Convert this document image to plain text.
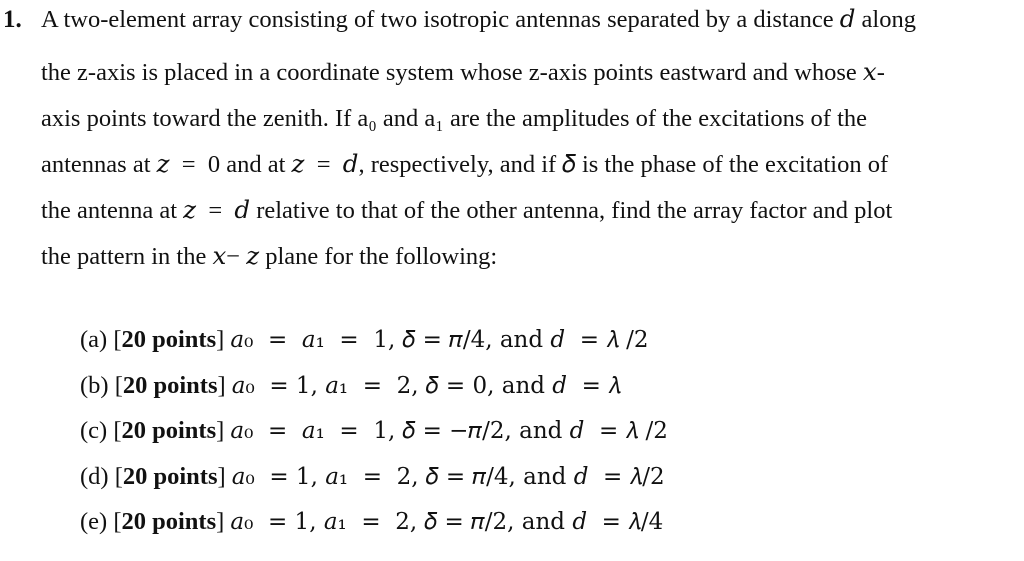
1. A two-element array consisting of two isotropic antennas separated by a distance 𝑑 along
the z-axis is placed in a coordinate system whose z-axis points eastward and whose 𝑥-
axis points toward the zenith. If a₀ and a₁ are the amplitudes of the excitations of the
antennas at 𝑧  =  0 and at 𝑧  =  𝑑, respectively, and if 𝛿 is the phase of the excitation of
the antenna at 𝑧  =  𝑑 relative to that of the other antenna, find the array factor and plot
the pattern in the 𝑥− 𝑧 plane for the following:
(a) [20 points] 𝑎₀  =  𝑎₁  =  1, 𝛿 = 𝜋/4, and 𝑑  = 𝜆 /2
(b) [20 points] 𝑎₀  = 1, 𝑎₁  =  2, 𝛿 = 0, and 𝑑  = 𝜆
(c) [20 points] 𝑎₀  =  𝑎₁  =  1, 𝛿 = −𝜋/2, and 𝑑  = 𝜆 /2
(d) [20 points] 𝑎₀  = 1, 𝑎₁  =  2, 𝛿 = 𝜋/4, and 𝑑  = 𝜆/2
(e) [20 points] 𝑎₀  = 1, 𝑎₁  =  2, 𝛿 = 𝜋/2, and 𝑑  = 𝜆/4
